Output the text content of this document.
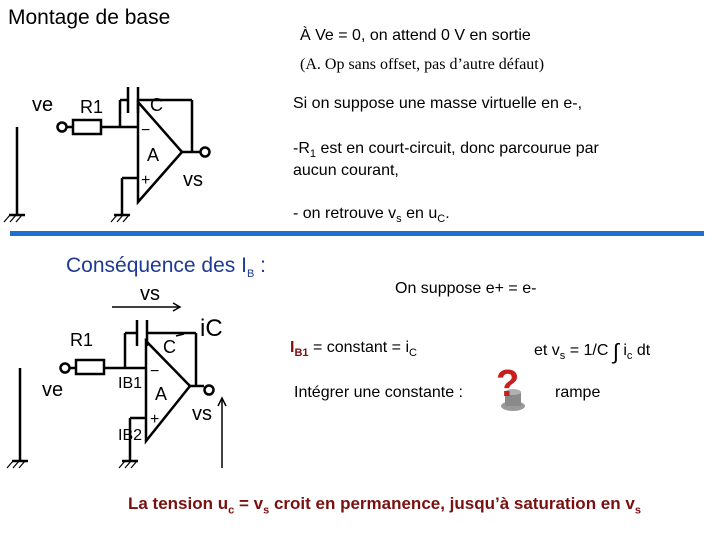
Montage de base
À Ve = 0, on attend 0 V en sortie
(A. Op sans offset, pas d’autre défaut)
Si on suppose une masse virtuelle en e-,
$-R_1$ est en court-circuit, donc parcourue par
aucun courant,
- on retrouve $v_s$ en $u_C$.
Conséquence des $I_B$ :
On suppose e+ = e-
$I_{B1}$ = constant = $i_C$	et $v_s = 1/C$ ∫ $i_c$ dt
Intégrer une constante : ? rampe
La tension $u_c = v_s$ croit en permanence, jusqu’à saturation en $v_s$
ve R1	C
−
A
+ vs
vs
iC
R1	C
ve	IB1
−
A
+ vs
IB2
